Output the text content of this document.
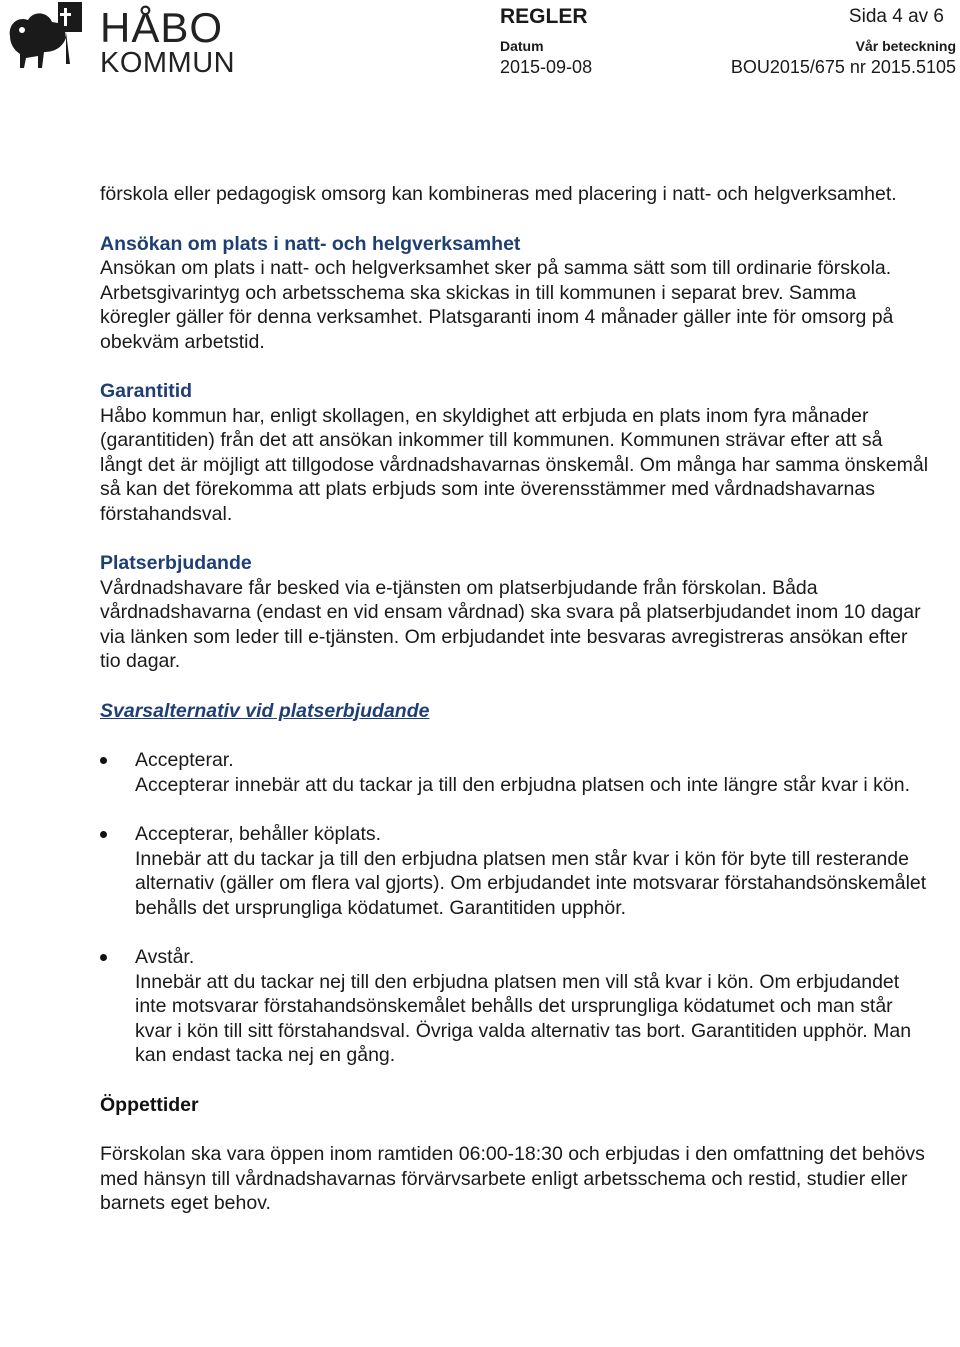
HÅBO
KOMMUN
REGLER	Sida 4 av 6
Datum	Vår beteckning
2015-09-08	BOU2015/675 nr 2015.5105

förskola eller pedagogisk omsorg kan kombineras med placering i natt- och helgverksamhet.

Ansökan om plats i natt- och helgverksamhet

Ansökan om plats i natt- och helgverksamhet sker på samma sätt som till ordinarie förskola. Arbetsgivarintyg och arbetsschema ska skickas in till kommunen i separat brev. Samma köregler gäller för denna verksamhet. Platsgaranti inom 4 månader gäller inte för omsorg på obekväm arbetstid.

Garantitid

Håbo kommun har, enligt skollagen, en skyldighet att erbjuda en plats inom fyra månader (garantitiden) från det att ansökan inkommer till kommunen. Kommunen strävar efter att så långt det är möjligt att tillgodose vårdnadshavarnas önskemål. Om många har samma önskemål så kan det förekomma att plats erbjuds som inte överensstämmer med vårdnadshavarnas förstahandsval.

Platserbjudande

Vårdnadshavare får besked via e-tjänsten om platserbjudande från förskolan. Båda vårdnadshavarna (endast en vid ensam vårdnad) ska svara på platserbjudandet inom 10 dagar via länken som leder till e-tjänsten. Om erbjudandet inte besvaras avregistreras ansökan efter tio dagar.

Svarsalternativ vid platserbjudande

Accepterar.
Accepterar innebär att du tackar ja till den erbjudna platsen och inte längre står kvar i kön.
Accepterar, behåller köplats.
Innebär att du tackar ja till den erbjudna platsen men står kvar i kön för byte till resterande alternativ (gäller om flera val gjorts). Om erbjudandet inte motsvarar förstahandsönskemålet behålls det ursprungliga ködatumet. Garantitiden upphör.
Avstår.
Innebär att du tackar nej till den erbjudna platsen men vill stå kvar i kön. Om erbjudandet inte motsvarar förstahandsönskemålet behålls det ursprungliga ködatumet och man står kvar i kön till sitt förstahandsval. Övriga valda alternativ tas bort. Garantitiden upphör. Man kan endast tacka nej en gång.

Öppettider

Förskolan ska vara öppen inom ramtiden 06:00-18:30 och erbjudas i den omfattning det behövs med hänsyn till vårdnadshavarnas förvärvsarbete enligt arbetsschema och restid, studier eller barnets eget behov.
